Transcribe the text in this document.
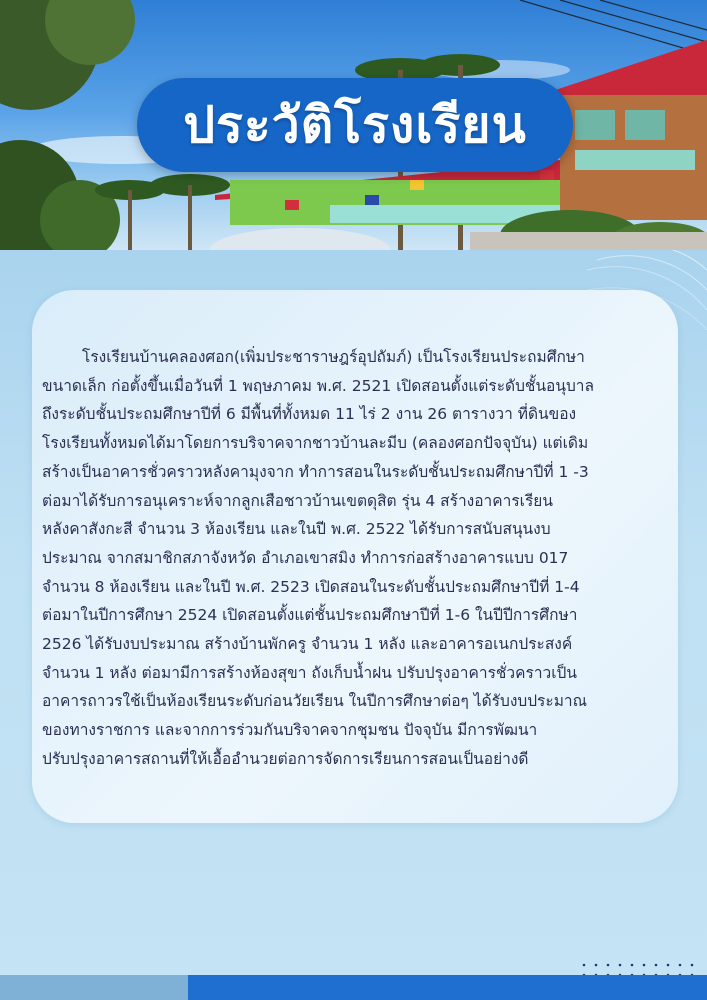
ประวัติโรงเรียน
โรงเรียนบ้านคลองศอก(เพิ่มประชาราษฎร์อุปถัมภ์) เป็นโรงเรียนประถมศึกษา
ขนาดเล็ก ก่อตั้งขึ้นเมื่อวันที่ 1 พฤษภาคม พ.ศ. 2521 เปิดสอนตั้งแต่ระดับชั้นอนุบาล
ถึงระดับชั้นประถมศึกษาปีที่ 6 มีพื้นที่ทั้งหมด 11 ไร่ 2 งาน 26 ตารางวา ที่ดินของ
โรงเรียนทั้งหมดได้มาโดยการบริจาคจากชาวบ้านละมีบ (คลองศอกปัจจุบัน) แต่เดิม
สร้างเป็นอาคารชั่วคราวหลังคามุงจาก ทำการสอนในระดับชั้นประถมศึกษาปีที่ 1 -3
ต่อมาได้รับการอนุเคราะห์จากลูกเสือชาวบ้านเขตดุสิต รุ่น 4 สร้างอาคารเรียน
หลังคาสังกะสี จำนวน 3 ห้องเรียน และในปี พ.ศ. 2522 ได้รับการสนับสนุนงบ
ประมาณ จากสมาชิกสภาจังหวัด อำเภอเขาสมิง ทำการก่อสร้างอาคารแบบ 017
จำนวน 8 ห้องเรียน และในปี พ.ศ. 2523 เปิดสอนในระดับชั้นประถมศึกษาปีที่ 1-4
ต่อมาในปีการศึกษา 2524 เปิดสอนตั้งแต่ชั้นประถมศึกษาปีที่ 1-6 ในปีปีการศึกษา
2526 ได้รับงบประมาณ สร้างบ้านพักครู จำนวน 1 หลัง และอาคารอเนกประสงค์
จำนวน 1 หลัง ต่อมามีการสร้างห้องสุขา ถังเก็บน้ำฝน ปรับปรุงอาคารชั่วคราวเป็น
อาคารถาวรใช้เป็นห้องเรียนระดับก่อนวัยเรียน ในปีการศึกษาต่อๆ ได้รับงบประมาณ
ของทางราชการ และจากการร่วมกันบริจาคจากชุมชน ปัจจุบัน มีการพัฒนา
ปรับปรุงอาคารสถานที่ให้เอื้ออำนวยต่อการจัดการเรียนการสอนเป็นอย่างดี
